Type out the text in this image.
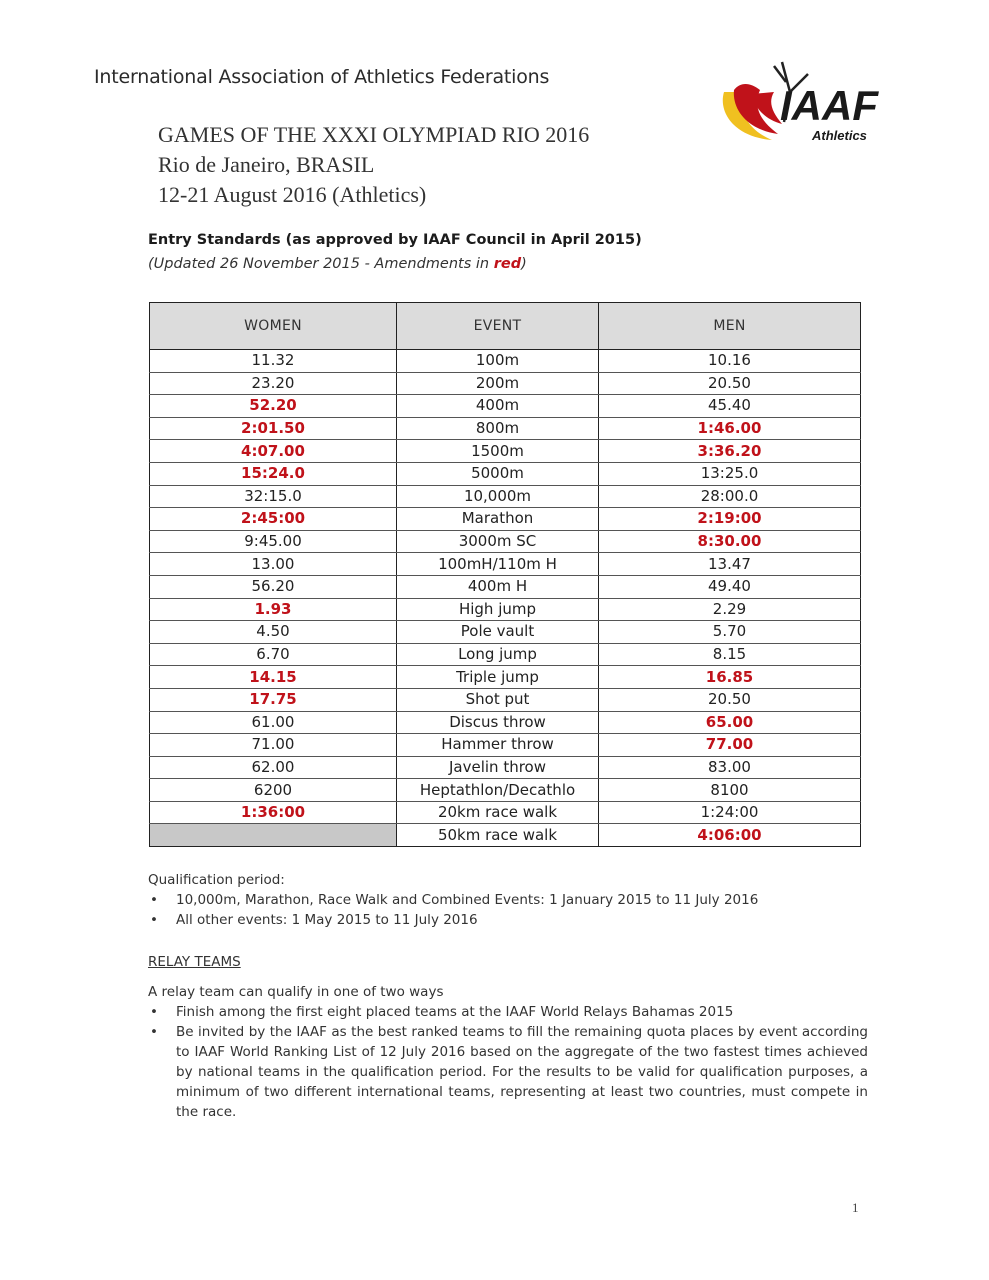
International Association of Athletics Federations
IAAF
Athletics
GAMES OF THE XXXI OLYMPIAD RIO 2016
Rio de Janeiro, BRASIL
12-21 August 2016 (Athletics)
Entry Standards (as approved by IAAF Council in April 2015)
(Updated 26 November 2015 - Amendments in red)
WOMEN	EVENT	MEN
11.32	100m	10.16
23.20	200m	20.50
52.20	400m	45.40
2:01.50	800m	1:46.00
4:07.00	1500m	3:36.20
15:24.0	5000m	13:25.0
32:15.0	10,000m	28:00.0
2:45:00	Marathon	2:19:00
9:45.00	3000m SC	8:30.00
13.00	100mH/110m H	13.47
56.20	400m H	49.40
1.93	High jump	2.29
4.50	Pole vault	5.70
6.70	Long jump	8.15
14.15	Triple jump	16.85
17.75	Shot put	20.50
61.00	Discus throw	65.00
71.00	Hammer throw	77.00
62.00	Javelin throw	83.00
6200	Heptathlon/Decathlo	8100
1:36:00	20km race walk	1:24:00
	50km race walk	4:06:00
Qualification period:
•	10,000m, Marathon, Race Walk and Combined Events: 1 January 2015 to 11 July 2016
•	All other events: 1 May 2015 to 11 July 2016
RELAY TEAMS
A relay team can qualify in one of two ways
•	Finish among the first eight placed teams at the IAAF World Relays Bahamas 2015
•	Be invited by the IAAF as the best ranked teams to fill the remaining quota places by event according to IAAF World Ranking List of 12 July 2016 based on the aggregate of the two fastest times achieved by national teams in the qualification period. For the results to be valid for qualification purposes, a minimum of two different international teams, representing at least two countries, must compete in the race.
1
